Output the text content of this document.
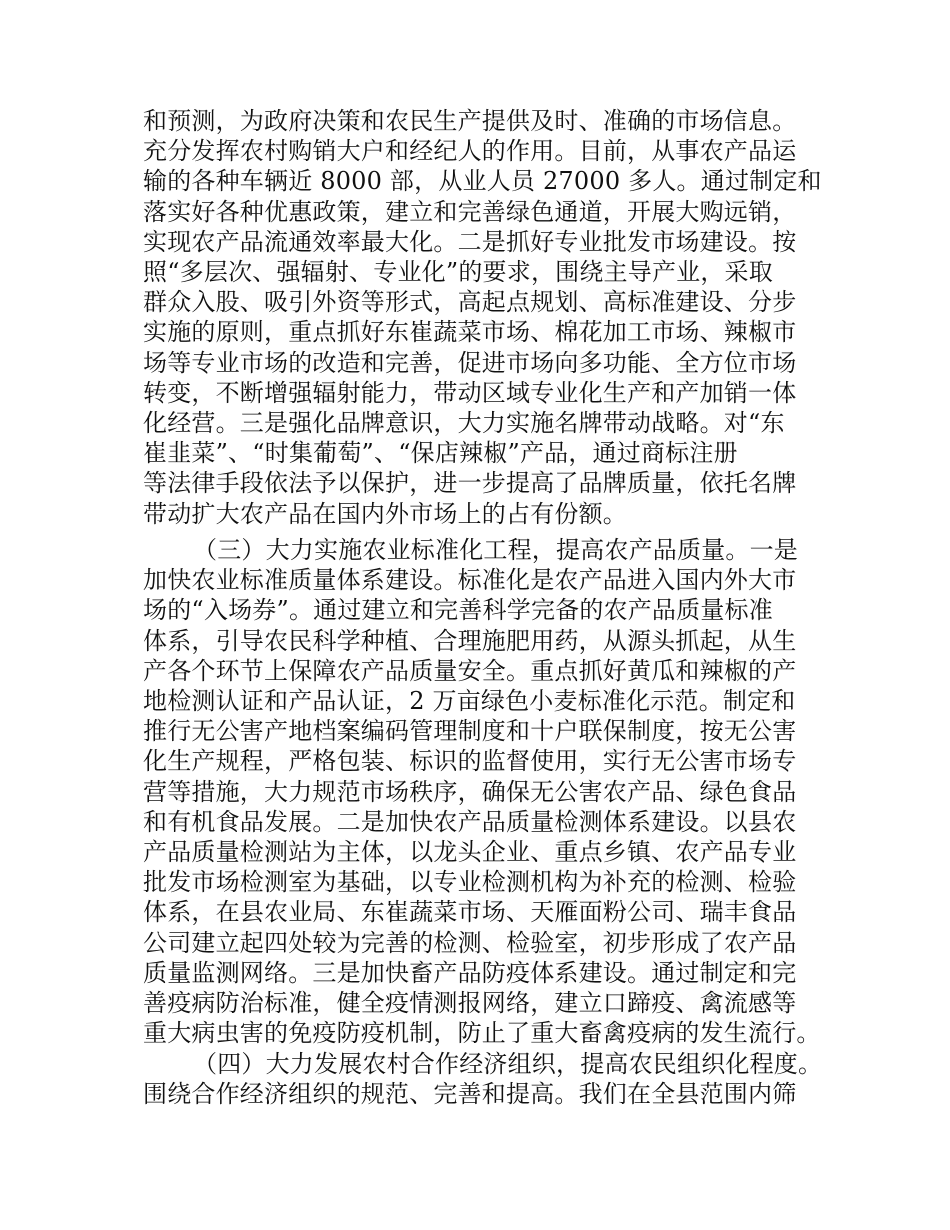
和预测，为政府决策和农民生产提供及时、准确的市场信息。
充分发挥农村购销大户和经纪人的作用。目前，从事农产品运
输的各种车辆近 8000 部，从业人员 27000 多人。通过制定和
落实好各种优惠政策，建立和完善绿色通道，开展大购远销，
实现农产品流通效率最大化。二是抓好专业批发市场建设。按
照“多层次、强辐射、专业化”的要求，围绕主导产业，采取
群众入股、吸引外资等形式，高起点规划、高标准建设、分步
实施的原则，重点抓好东崔蔬菜市场、棉花加工市场、辣椒市
场等专业市场的改造和完善，促进市场向多功能、全方位市场
转变，不断增强辐射能力，带动区域专业化生产和产加销一体
化经营。三是强化品牌意识，大力实施名牌带动战略。对“东
崔韭菜”、“时集葡萄”、“保店辣椒”产品，通过商标注册
等法律手段依法予以保护，进一步提高了品牌质量，依托名牌
带动扩大农产品在国内外市场上的占有份额。
（三）大力实施农业标准化工程，提高农产品质量。一是
加快农业标准质量体系建设。标准化是农产品进入国内外大市
场的“入场券”。通过建立和完善科学完备的农产品质量标准
体系，引导农民科学种植、合理施肥用药，从源头抓起，从生
产各个环节上保障农产品质量安全。重点抓好黄瓜和辣椒的产
地检测认证和产品认证，2 万亩绿色小麦标准化示范。制定和
推行无公害产地档案编码管理制度和十户联保制度，按无公害
化生产规程，严格包装、标识的监督使用，实行无公害市场专
营等措施，大力规范市场秩序，确保无公害农产品、绿色食品
和有机食品发展。二是加快农产品质量检测体系建设。以县农
产品质量检测站为主体，以龙头企业、重点乡镇、农产品专业
批发市场检测室为基础，以专业检测机构为补充的检测、检验
体系，在县农业局、东崔蔬菜市场、天雁面粉公司、瑞丰食品
公司建立起四处较为完善的检测、检验室，初步形成了农产品
质量监测网络。三是加快畜产品防疫体系建设。通过制定和完
善疫病防治标准，健全疫情测报网络，建立口蹄疫、禽流感等
重大病虫害的免疫防疫机制，防止了重大畜禽疫病的发生流行。
（四）大力发展农村合作经济组织，提高农民组织化程度。
围绕合作经济组织的规范、完善和提高。我们在全县范围内筛
